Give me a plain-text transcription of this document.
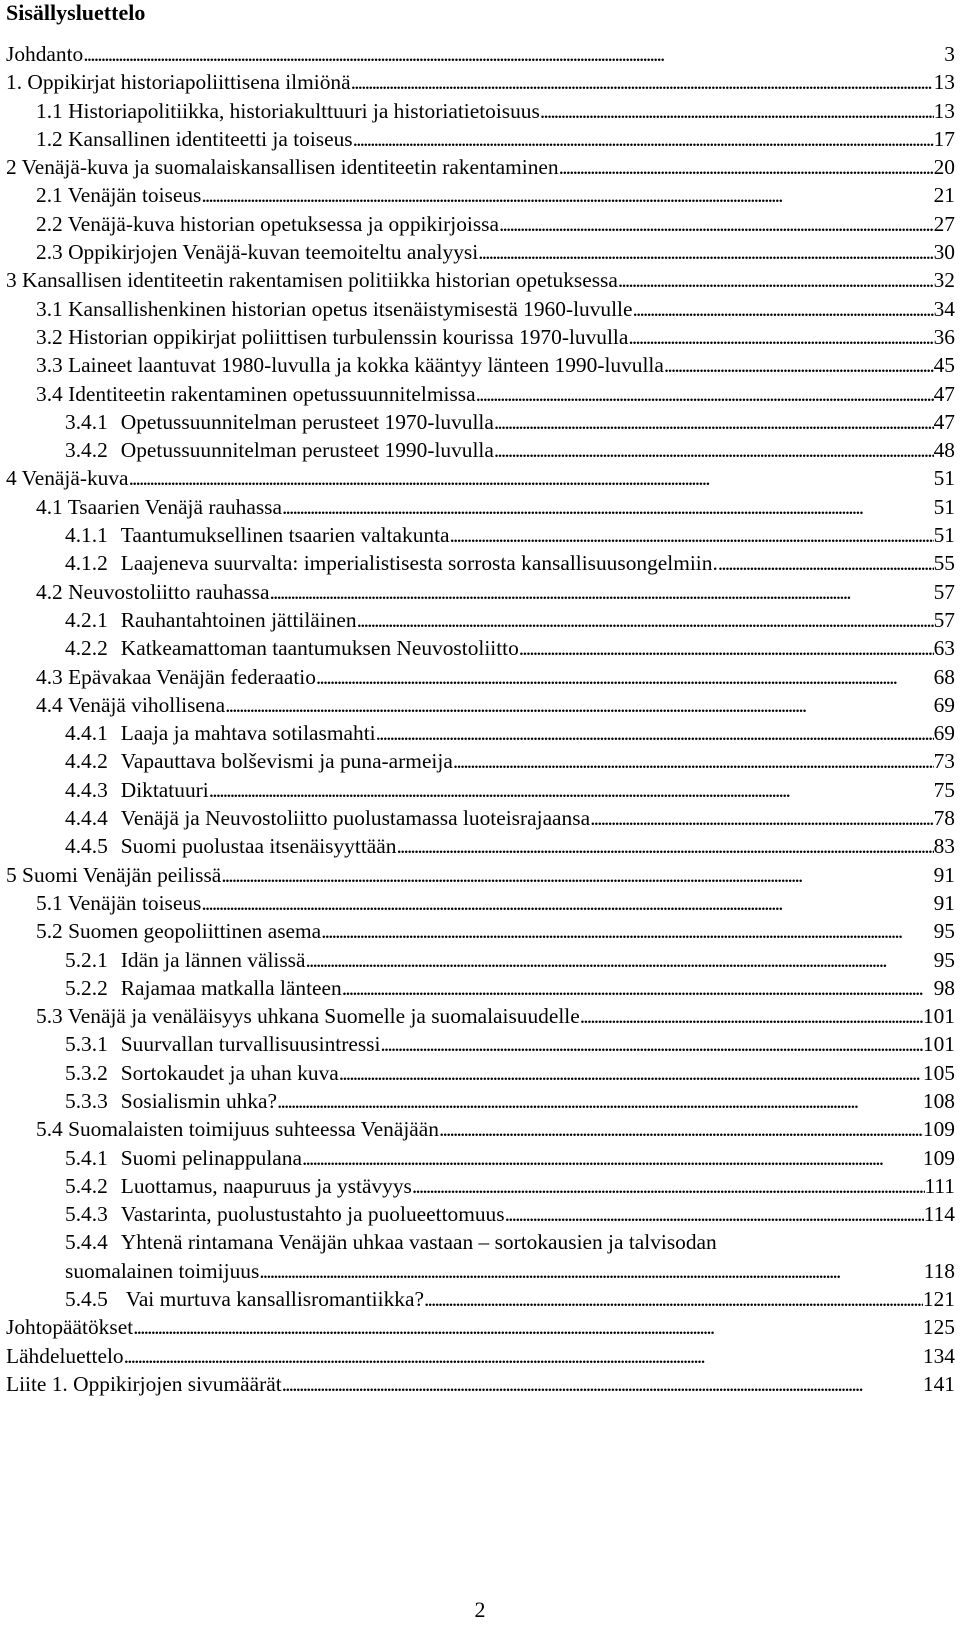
Sisällysluettelo
Johdanto . . .	3
1. Oppikirjat historiapoliittisena ilmiönä . . .	13
1.1 Historiapolitiikka, historiakulttuuri ja historiatietoisuus . . .	13
1.2 Kansallinen identiteetti ja toiseus . . .	17
2 Venäjä-kuva ja suomalaiskansallisen identiteetin rakentaminen . . .	20
2.1 Venäjän toiseus . . .	21
2.2 Venäjä-kuva historian opetuksessa ja oppikirjoissa . . .	27
2.3 Oppikirjojen Venäjä-kuvan teemoiteltu analyysi . . .	30
3 Kansallisen identiteetin rakentamisen politiikka historian opetuksessa . . .	32
3.1 Kansallishenkinen historian opetus itsenäistymisestä 1960-luvulle . . .	34
3.2 Historian oppikirjat poliittisen turbulenssin kourissa 1970-luvulla . . .	36
3.3 Laineet laantuvat 1980-luvulla ja kokka kääntyy länteen 1990-luvulla . . .	45
3.4 Identiteetin rakentaminen opetussuunnitelmissa . . .	47
3.4.1 Opetussuunnitelman perusteet 1970-luvulla . . .	47
3.4.2 Opetussuunnitelman perusteet 1990-luvulla . . .	48
4 Venäjä-kuva . . .	51
4.1 Tsaarien Venäjä rauhassa . . .	51
4.1.1 Taantumuksellinen tsaarien valtakunta . . .	51
4.1.2 Laajeneva suurvalta: imperialistisesta sorrosta kansallisuusongelmiin. . . .	55
4.2 Neuvostoliitto rauhassa . . .	57
4.2.1 Rauhantahtoinen jättiläinen . . .	57
4.2.2 Katkeamattoman taantumuksen Neuvostoliitto . . .	63
4.3 Epävakaa Venäjän federaatio . . .	68
4.4 Venäjä vihollisena . . .	69
4.4.1 Laaja ja mahtava sotilasmahti . . .	69
4.4.2 Vapauttava bolševismi ja puna-armeija . . .	73
4.4.3 Diktatuuri . . .	75
4.4.4 Venäjä ja Neuvostoliitto puolustamassa luoteisrajaansa . . .	78
4.4.5 Suomi puolustaa itsenäisyyttään . . .	83
5 Suomi Venäjän peilissä . . .	91
5.1 Venäjän toiseus . . .	91
5.2 Suomen geopoliittinen asema . . .	95
5.2.1 Idän ja lännen välissä . . .	95
5.2.2 Rajamaa matkalla länteen . . .	98
5.3 Venäjä ja venäläisyys uhkana Suomelle ja suomalaisuudelle . . .	101
5.3.1 Suurvallan turvallisuusintressi . . .	101
5.3.2 Sortokaudet ja uhan kuva . . .	105
5.3.3 Sosialismin uhka? . . .	108
5.4 Suomalaisten toimijuus suhteessa Venäjään . . .	109
5.4.1 Suomi pelinappulana . . .	109
5.4.2 Luottamus, naapuruus ja ystävyys . . .	111
5.4.3 Vastarinta, puolustustahto ja puolueettomuus . . .	114
5.4.4 Yhtenä rintamana Venäjän uhkaa vastaan – sortokausien ja talvisodan
suomalainen toimijuus . . .	118
5.4.5 Vai murtuva kansallisromantiikka? . . .	121
Johtopäätökset . . .	125
Lähdeluettelo . . .	134
Liite 1. Oppikirjojen sivumäärät . . .	141
2
